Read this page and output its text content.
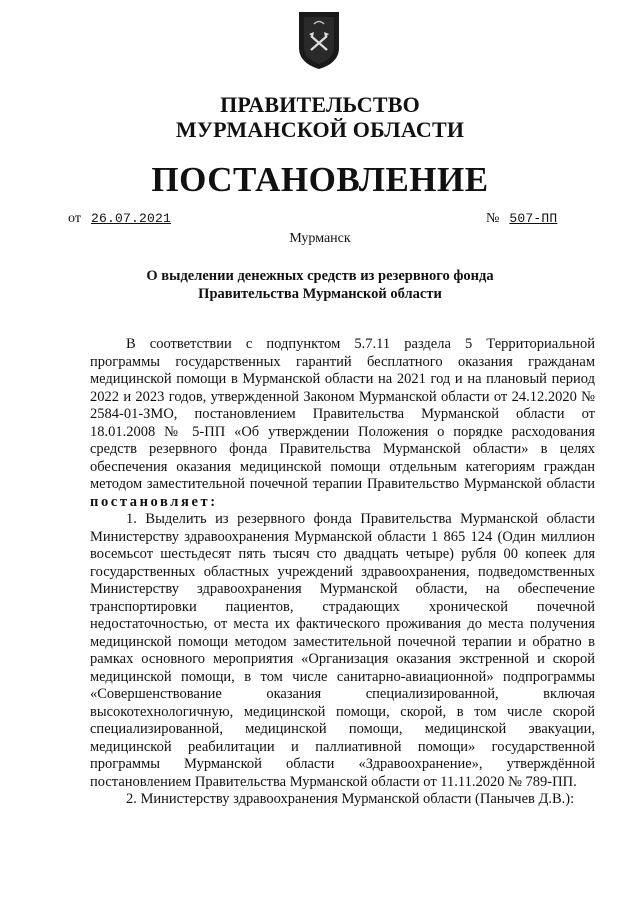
ПРАВИТЕЛЬСТВО
МУРМАНСКОЙ ОБЛАСТИ
ПОСТАНОВЛЕНИЕ
от 26.07.2021	№ 507-ПП
Мурманск
О выделении денежных средств из резервного фонда
Правительства Мурманской области

В соответствии с подпунктом 5.7.11 раздела 5 Территориальной программы государственных гарантий бесплатного оказания гражданам медицинской помощи в Мурманской области на 2021 год и на плановый период 2022 и 2023 годов, утвержденной Законом Мурманской области от 24.12.2020 № 2584-01-ЗМО, постановлением Правительства Мурманской области от 18.01.2008 № 5-ПП «Об утверждении Положения о порядке расходования средств резервного фонда Правительства Мурманской области» в целях обеспечения оказания медицинской помощи отдельным категориям граждан методом заместительной почечной терапии Правительство Мурманской области постановляет:

1. Выделить из резервного фонда Правительства Мурманской области Министерству здравоохранения Мурманской области 1 865 124 (Один миллион восемьсот шестьдесят пять тысяч сто двадцать четыре) рубля 00 копеек для государственных областных учреждений здравоохранения, подведомственных Министерству здравоохранения Мурманской области, на обеспечение транспортировки пациентов, страдающих хронической почечной недостаточностью, от места их фактического проживания до места получения медицинской помощи методом заместительной почечной терапии и обратно в рамках основного мероприятия «Организация оказания экстренной и скорой медицинской помощи, в том числе санитарно-авиационной» подпрограммы «Совершенствование оказания специализированной, включая высокотехнологичную, медицинской помощи, скорой, в том числе скорой специализированной, медицинской помощи, медицинской эвакуации, медицинской реабилитации и паллиативной помощи» государственной программы Мурманской области «Здравоохранение», утверждённой постановлением Правительства Мурманской области от 11.11.2020 № 789-ПП.

2. Министерству здравоохранения Мурманской области (Панычев Д.В.):
